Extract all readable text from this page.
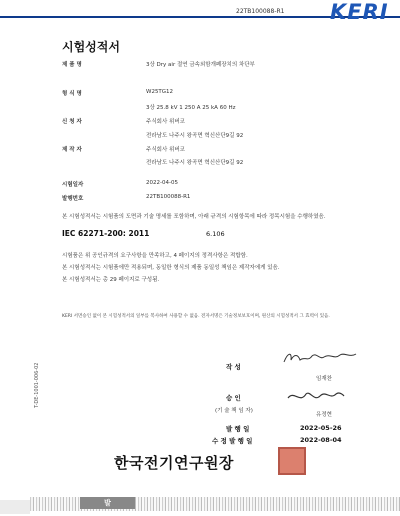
22TB100088-R1 KERI
시험성적서
제 품 명	3상 Dry air 절연 금속외함개폐장치의 차단부
형 식 명	W25TG12
3상 25.8 kV 1 250 A 25 kA 60 Hz
신 청 자	주식회사 위버코
전라남도 나주시 왕곡면 혁신산단9길 92
제 작 자	주식회사 위버코
전라남도 나주시 왕곡면 혁신산단9길 92
시험일자	2022-04-05
발행번호	22TB100088-R1
본 시험성적서는 시험품의 도면과 기술 명세를 포함하며, 아래 규격의 시험항목에 따라 정목시험을 수행하였음.
IEC 62271-200: 2011	6.106
시험품은 위 공인규격의 요구사항을 만족하고, 4 페이지의 정격사항은 적합함.
본 시험성적서는 시험품에만 적용되며, 동일한 형식의 제품 동일성 책임은 제작자에게 있음.
본 시험성적서는 총 29 페이지로 구성됨.
KERI 서면승인 없이 본 시험성적서의 일부를 복사하여 사용할 수 없음. 전자서명은 기술정보보호이며, 원산의 시험성적서 그 효력이 있음.
작 성
임재찬
승 인
(기 술 책 임 자)
유정현
발 행 일	2022-05-26
수 정 발 행 일	2022-08-04
한국전기연구원장
T-DE-1001-006-02
발
